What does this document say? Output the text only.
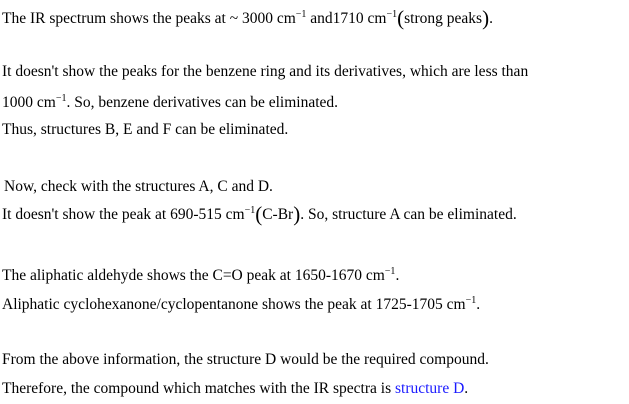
The IR spectrum shows the peaks at ~ 3000 $cm^{-1}$ and1710 $cm^{-1}(strong$ peaks).
It doesn't show the peaks for the benzene ring and its derivatives, which are less than
1000 $cm^{-1}$. So, benzene derivatives can be eliminated.
Thus, structures B, E and F can be eliminated.
Now, check with the structures A, C and D.
It doesn't show the peak at 690-515 $cm^{-1}(C-Br)$. So, structure A can be eliminated.
The aliphatic aldehyde shows the C=O peak at 1650-1670 $cm^{-1}$.
Aliphatic cyclohexanone/cyclopentanone shows the peak at 1725-1705 $cm^{-1}$.
From the above information, the structure D would be the required compound.
Therefore, the compound which matches with the IR spectra is structure D.
